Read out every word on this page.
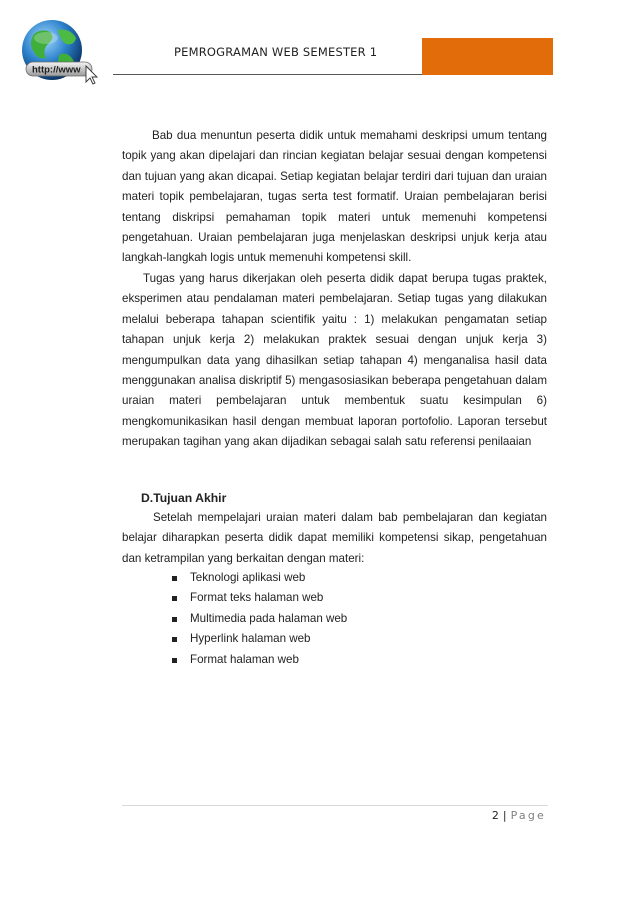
http://www
PEMROGRAMAN WEB SEMESTER 1

Bab dua menuntun peserta didik untuk memahami deskripsi umum tentang topik yang akan dipelajari dan rincian kegiatan belajar sesuai dengan kompetensi dan tujuan yang akan dicapai. Setiap kegiatan belajar terdiri dari tujuan dan uraian materi topik pembelajaran, tugas serta test formatif. Uraian pembelajaran berisi tentang diskripsi pemahaman topik materi untuk memenuhi kompetensi pengetahuan. Uraian pembelajaran juga menjelaskan deskripsi unjuk kerja atau langkah-langkah logis untuk memenuhi kompetensi skill.

Tugas yang harus dikerjakan oleh peserta didik dapat berupa tugas praktek, eksperimen atau pendalaman materi pembelajaran. Setiap tugas yang dilakukan melalui beberapa tahapan scientifik yaitu : 1) melakukan pengamatan setiap tahapan unjuk kerja 2) melakukan praktek sesuai dengan unjuk kerja 3) mengumpulkan data yang dihasilkan setiap tahapan 4) menganalisa hasil data menggunakan analisa diskriptif 5) mengasosiasikan beberapa pengetahuan dalam uraian materi pembelajaran untuk membentuk suatu kesimpulan 6) mengkomunikasikan hasil dengan membuat laporan portofolio. Laporan tersebut merupakan tagihan yang akan dijadikan sebagai salah satu referensi penilaaian

D.Tujuan Akhir

Setelah mempelajari uraian materi dalam bab pembelajaran dan kegiatan belajar diharapkan peserta didik dapat memiliki kompetensi sikap, pengetahuan dan ketrampilan yang berkaitan dengan materi:

Teknologi aplikasi web
Format teks halaman web
Multimedia pada halaman web
Hyperlink halaman web
Format halaman web
2 | Page
